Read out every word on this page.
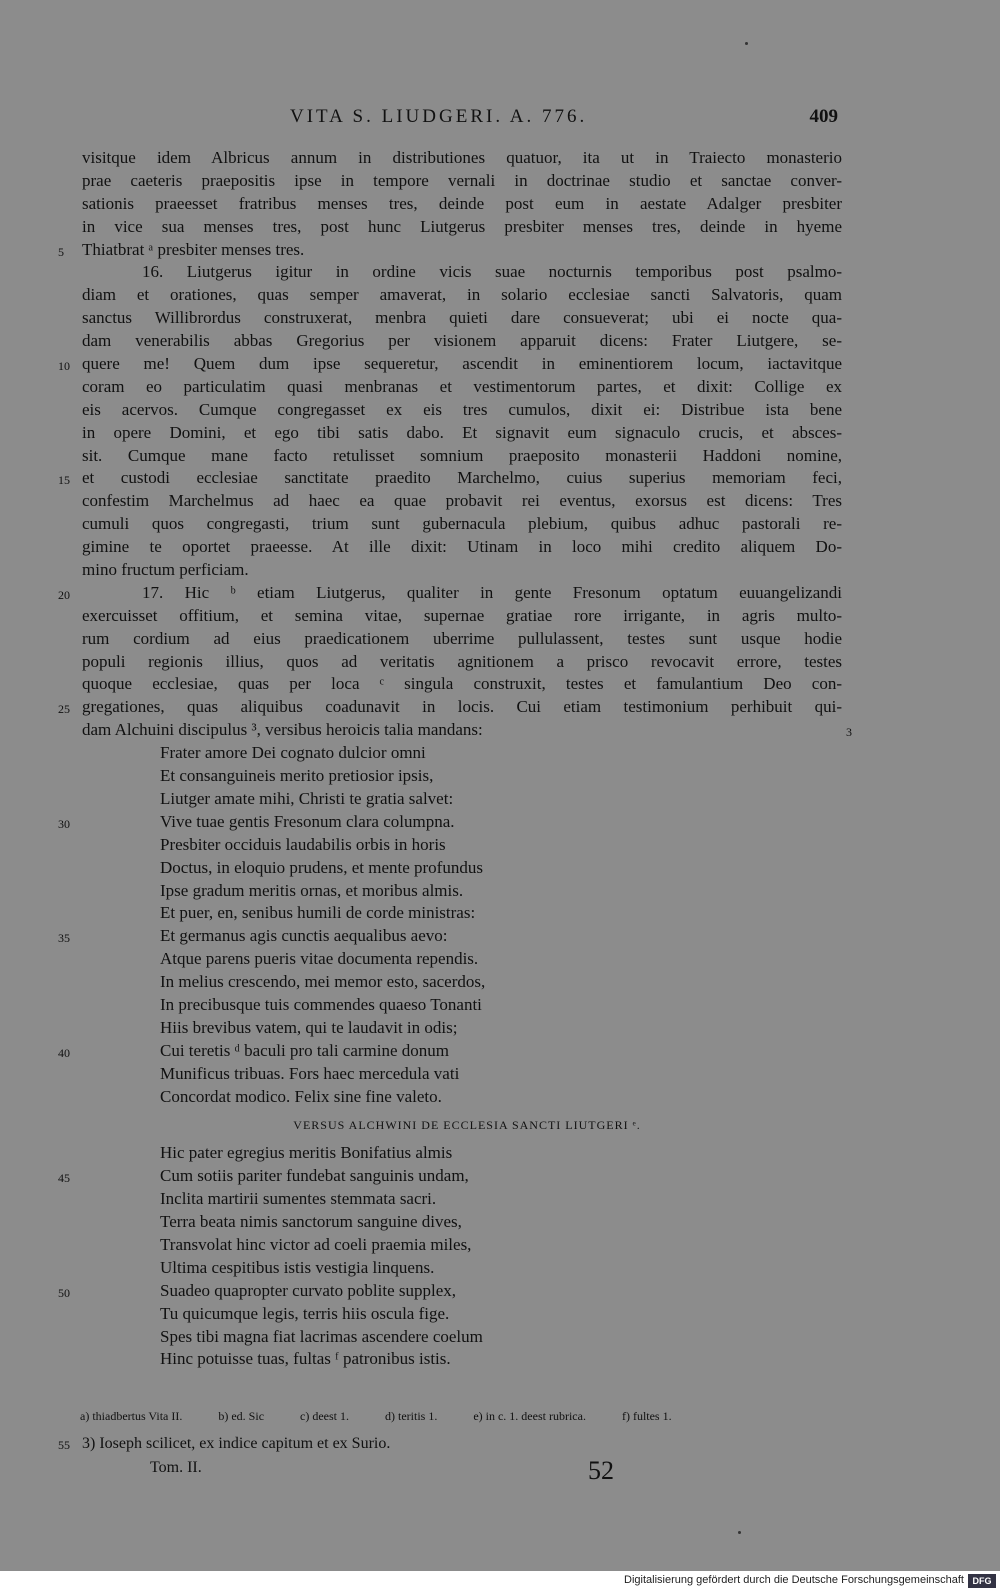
VITA S. LIUDGERI. A. 776.	409
visitque idem Albricus annum in distributiones quatuor, ita ut in Traiecto monasterio
prae caeteris praepositis ipse in tempore vernali in doctrinae studio et sanctae conver-
sationis praeesset fratribus menses tres, deinde post eum in aestate Adalger presbiter
in vice sua menses tres, post hunc Liutgerus presbiter menses tres, deinde in hyeme
Thiatbrat ᵃ presbiter menses tres.
5
16. Liutgerus igitur in ordine vicis suae nocturnis temporibus post psalmo-
diam et orationes, quas semper amaverat, in solario ecclesiae sancti Salvatoris, quam
sanctus Willibrordus construxerat, menbra quieti dare consueverat; ubi ei nocte qua-
dam venerabilis abbas Gregorius per visionem apparuit dicens: Frater Liutgere, se-
quere me! Quem dum ipse sequeretur, ascendit in eminentiorem locum, iactavitque
10
coram eo particulatim quasi menbranas et vestimentorum partes, et dixit: Collige ex
eis acervos. Cumque congregasset ex eis tres cumulos, dixit ei: Distribue ista bene
in opere Domini, et ego tibi satis dabo. Et signavit eum signaculo crucis, et absces-
sit. Cumque mane facto retulisset somnium praeposito monasterii Haddoni nomine,
et custodi ecclesiae sanctitate praedito Marchelmo, cuius superius memoriam feci,
15
confestim Marchelmus ad haec ea quae probavit rei eventus, exorsus est dicens: Tres
cumuli quos congregasti, trium sunt gubernacula plebium, quibus adhuc pastorali re-
gimine te oportet praeesse. At ille dixit: Utinam in loco mihi credito aliquem Do-
mino fructum perficiam.
17. Hic ᵇ etiam Liutgerus, qualiter in gente Fresonum optatum euuangelizandi
20
exercuisset offitium, et semina vitae, supernae gratiae rore irrigante, in agris multo-
rum cordium ad eius praedicationem uberrime pullulassent, testes sunt usque hodie
populi regionis illius, quos ad veritatis agnitionem a prisco revocavit errore, testes
quoque ecclesiae, quas per loca ᶜ singula construxit, testes et famulantium Deo con-
gregationes, quas aliquibus coadunavit in locis. Cui etiam testimonium perhibuit qui-
25
dam Alchuini discipulus ³, versibus heroicis talia mandans:	3
Frater amore Dei cognato dulcior omni
Et consanguineis merito pretiosior ipsis,
Liutger amate mihi, Christi te gratia salvet:
Vive tuae gentis Fresonum clara columpna.
30
Presbiter occiduis laudabilis orbis in horis
Doctus, in eloquio prudens, et mente profundus
Ipse gradum meritis ornas, et moribus almis.
Et puer, en, senibus humili de corde ministras:
Et germanus agis cunctis aequalibus aevo:
35
Atque parens pueris vitae documenta rependis.
In melius crescendo, mei memor esto, sacerdos,
In precibusque tuis commendes quaeso Tonanti
Hiis brevibus vatem, qui te laudavit in odis;
Cui teretis ᵈ baculi pro tali carmine donum
40
Munificus tribuas. Fors haec mercedula vati
Concordat modico. Felix sine fine valeto.
VERSUS ALCHWINI DE ECCLESIA SANCTI LIUTGERI ᵉ.
Hic pater egregius meritis Bonifatius almis
Cum sotiis pariter fundebat sanguinis undam,
45
Inclita martirii sumentes stemmata sacri.
Terra beata nimis sanctorum sanguine dives,
Transvolat hinc victor ad coeli praemia miles,
Ultima cespitibus istis vestigia linquens.
Suadeo quapropter curvato poblite supplex,
50
Tu quicumque legis, terris hiis oscula fige.
Spes tibi magna fiat lacrimas ascendere coelum
Hinc potuisse tuas, fultas ᶠ patronibus istis.
a) thiadbertus Vita II.	b) ed. Sic	c) deest 1.	d) teritis 1.	e) in c. 1. deest rubrica.	f) fultes 1.
55 3) Ioseph scilicet, ex indice capitum et ex Surio.
Tom. II.	52
Digitalisierung gefördert durch die Deutsche Forschungsgemeinschaft DFG
